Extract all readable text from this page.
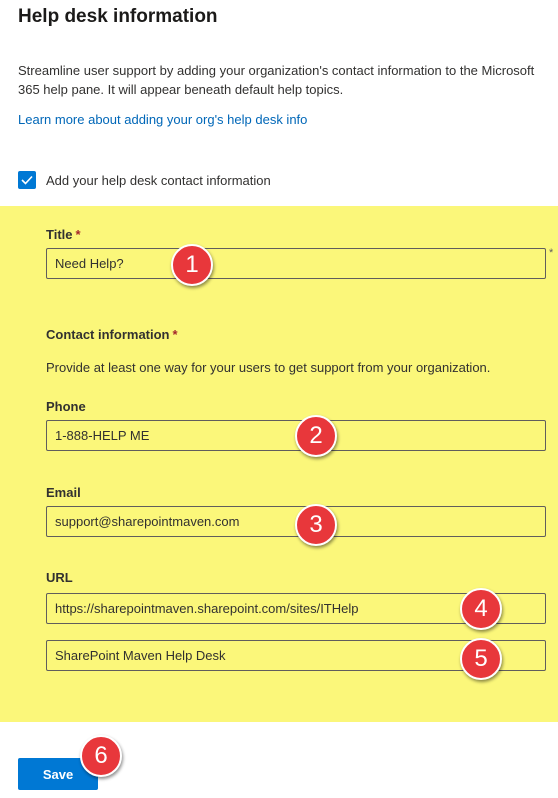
Help desk information
Streamline user support by adding your organization's contact information to the Microsoft 365 help pane. It will appear beneath default help topics.
Learn more about adding your org's help desk info
Add your help desk contact information
Title *
Need Help?
*
Contact information *
Provide at least one way for your users to get support from your organization.
Phone
1-888-HELP ME
Email
support@sharepointmaven.com
URL
https://sharepointmaven.sharepoint.com/sites/ITHelp
SharePoint Maven Help Desk
1
2
3
4
5
Save
6
